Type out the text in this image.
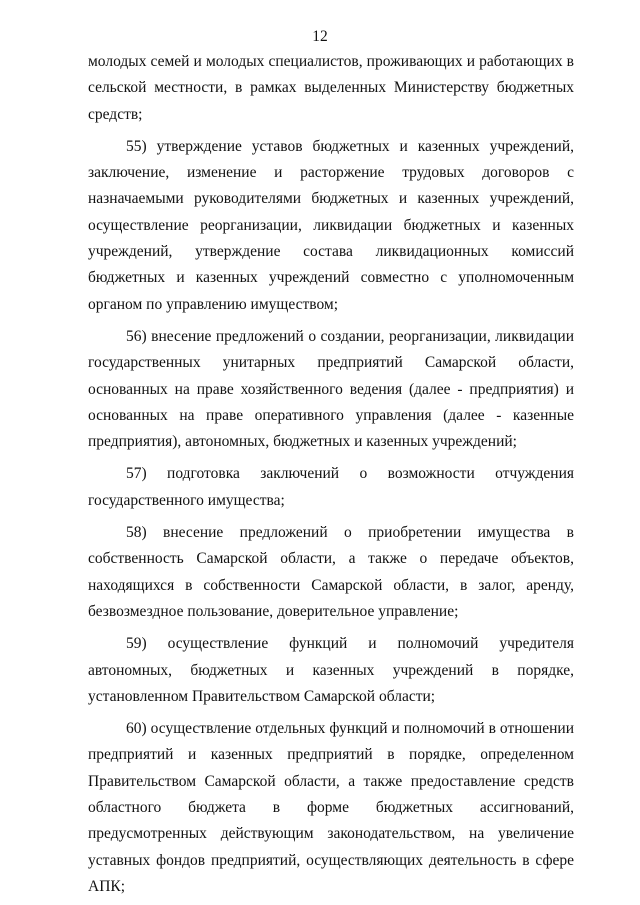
12

молодых семей и молодых специалистов, проживающих и работающих в сельской местности, в рамках выделенных Министерству бюджетных средств;

55) утверждение уставов бюджетных и казенных учреждений, заключение, изменение и расторжение трудовых договоров с назначаемыми руководителями бюджетных и казенных учреждений, осуществление реорганизации, ликвидации бюджетных и казенных учреждений, утверждение состава ликвидационных комиссий бюджетных и казенных учреждений совместно с уполномоченным органом по управлению имуществом;

56) внесение предложений о создании, реорганизации, ликвидации государственных унитарных предприятий Самарской области, основанных на праве хозяйственного ведения (далее - предприятия) и основанных на праве оперативного управления (далее - казенные предприятия), автономных, бюджетных и казенных учреждений;

57) подготовка заключений о возможности отчуждения государственного имущества;

58) внесение предложений о приобретении имущества в собственность Самарской области, а также о передаче объектов, находящихся в собственности Самарской области, в залог, аренду, безвозмездное пользование, доверительное управление;

59) осуществление функций и полномочий учредителя автономных, бюджетных и казенных учреждений в порядке, установленном Правительством Самарской области;

60) осуществление отдельных функций и полномочий в отношении предприятий и казенных предприятий в порядке, определенном Правительством Самарской области, а также предоставление средств областного бюджета в форме бюджетных ассигнований, предусмотренных действующим законодательством, на увеличение уставных фондов предприятий, осуществляющих деятельность в сфере АПК;
